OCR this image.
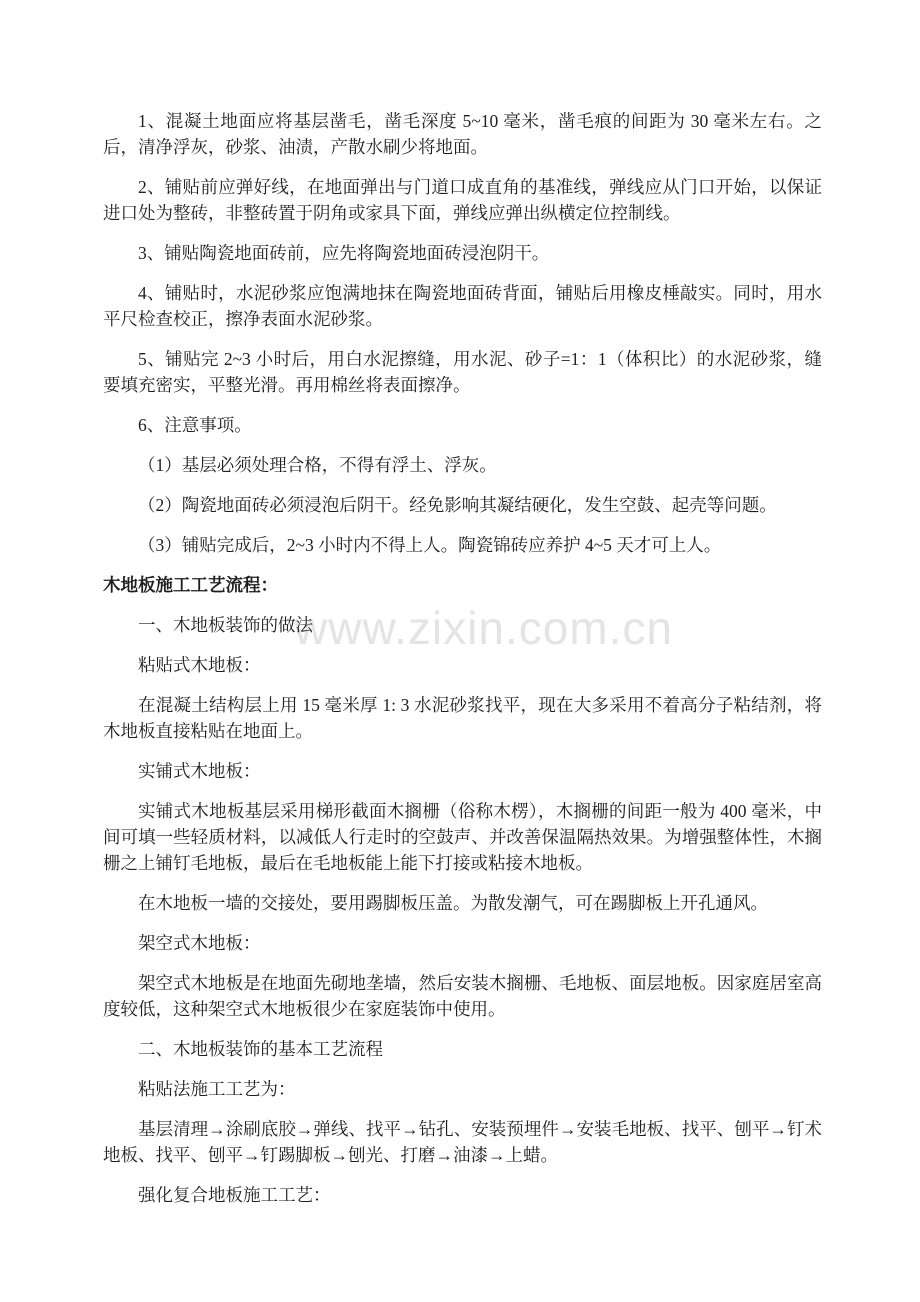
www.zixin.com.cn

1、混凝土地面应将基层凿毛，凿毛深度 5~10 毫米，凿毛痕的间距为 30 毫米左右。之后，清净浮灰，砂浆、油渍，产散水刷少将地面。

2、铺贴前应弹好线，在地面弹出与门道口成直角的基准线，弹线应从门口开始，以保证进口处为整砖，非整砖置于阴角或家具下面，弹线应弹出纵横定位控制线。

3、铺贴陶瓷地面砖前，应先将陶瓷地面砖浸泡阴干。

4、铺贴时，水泥砂浆应饱满地抹在陶瓷地面砖背面，铺贴后用橡皮棰敲实。同时，用水平尺检查校正，擦净表面水泥砂浆。

5、铺贴完 2~3 小时后，用白水泥擦缝，用水泥、砂子=1：1（体积比）的水泥砂浆，缝要填充密实，平整光滑。再用棉丝将表面擦净。

6、注意事项。

（1）基层必须处理合格，不得有浮土、浮灰。

（2）陶瓷地面砖必须浸泡后阴干。经免影响其凝结硬化，发生空鼓、起壳等问题。

（3）铺贴完成后，2~3 小时内不得上人。陶瓷锦砖应养护 4~5 天才可上人。

木地板施工工艺流程：

一、木地板装饰的做法

粘贴式木地板：

在混凝土结构层上用 15 毫米厚 1: 3 水泥砂浆找平，现在大多采用不着高分子粘结剂，将木地板直接粘贴在地面上。

实铺式木地板：

实铺式木地板基层采用梯形截面木搁栅（俗称木楞），木搁栅的间距一般为 400 毫米，中间可填一些轻质材料，以减低人行走时的空鼓声、并改善保温隔热效果。为增强整体性，木搁栅之上铺钉毛地板，最后在毛地板能上能下打接或粘接木地板。

在木地板一墙的交接处，要用踢脚板压盖。为散发潮气，可在踢脚板上开孔通风。

架空式木地板：

架空式木地板是在地面先砌地垄墙，然后安装木搁栅、毛地板、面层地板。因家庭居室高度较低，这种架空式木地板很少在家庭装饰中使用。

二、木地板装饰的基本工艺流程

粘贴法施工工艺为：

基层清理→涂刷底胶→弹线、找平→钻孔、安装预埋件→安装毛地板、找平、刨平→钉术地板、找平、刨平→钉踢脚板→刨光、打磨→油漆→上蜡。

强化复合地板施工工艺：
